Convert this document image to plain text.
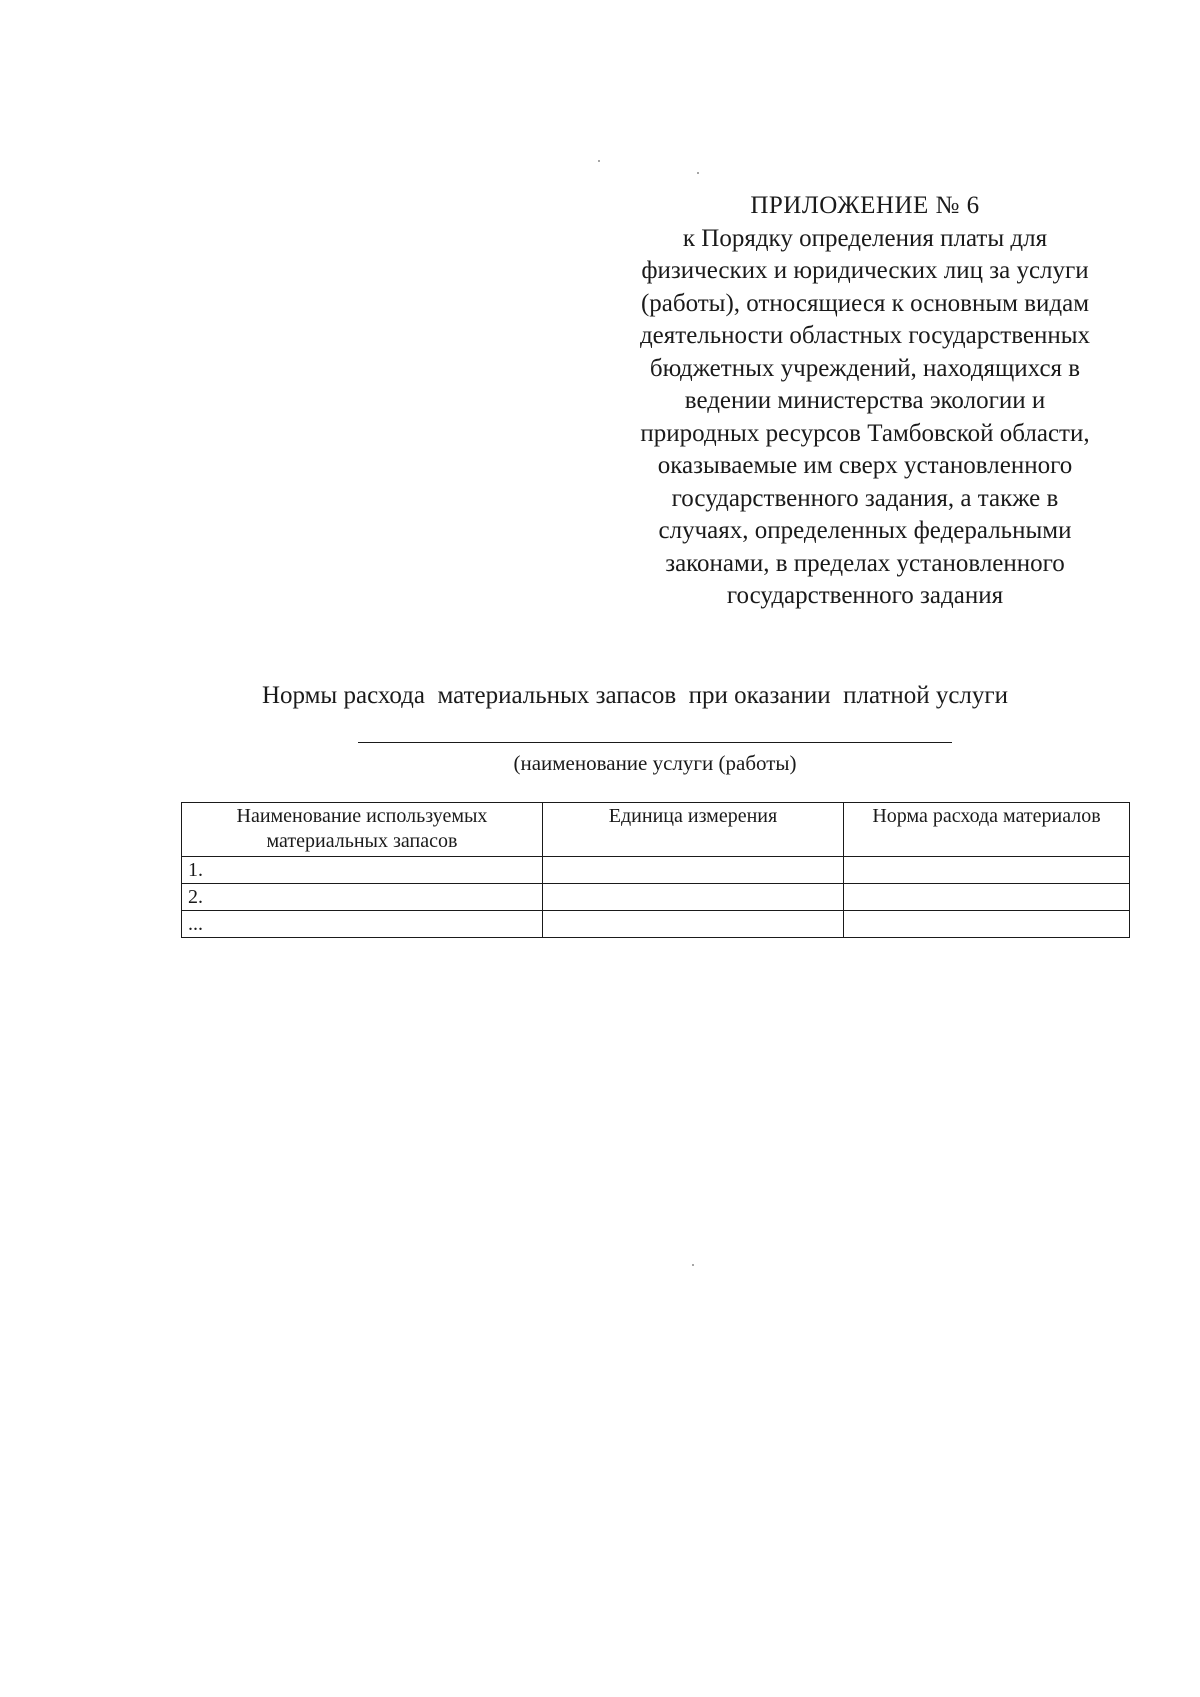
ПРИЛОЖЕНИЕ № 6
к Порядку определения платы для
физических и юридических лиц за услуги
(работы), относящиеся к основным видам
деятельности областных государственных
бюджетных учреждений, находящихся в
ведении министерства экологии и
природных ресурсов Тамбовской области,
оказываемые им сверх установленного
государственного задания, а также в
случаях, определенных федеральными
законами, в пределах установленного
государственного задания
Нормы расхода  материальных запасов  при оказании  платной услуги
(наименование услуги (работы)
Наименование используемых материальных запасов	Единица измерения	Норма расхода материалов
1.		
2.		
...		
